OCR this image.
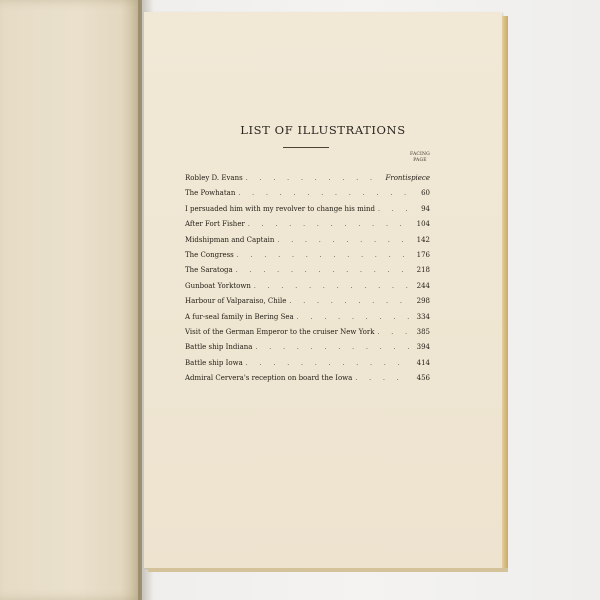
LIST OF ILLUSTRATIONS
FACING
PAGE
Robley D. Evans . . .	Frontispiece
The Powhatan . . .	60
I persuaded him with my revolver to change his mind . . .	94
After Fort Fisher . . .	104
Midshipman and Captain . . .	142
The Congress . . .	176
The Saratoga . . .	218
Gunboat Yorktown . . .	244
Harbour of Valparaiso, Chile . . .	298
A fur-seal family in Bering Sea . . .	334
Visit of the German Emperor to the cruiser New York . . .	385
Battle ship Indiana . . .	394
Battle ship Iowa . . .	414
Admiral Cervera's reception on board the Iowa . . .	456
